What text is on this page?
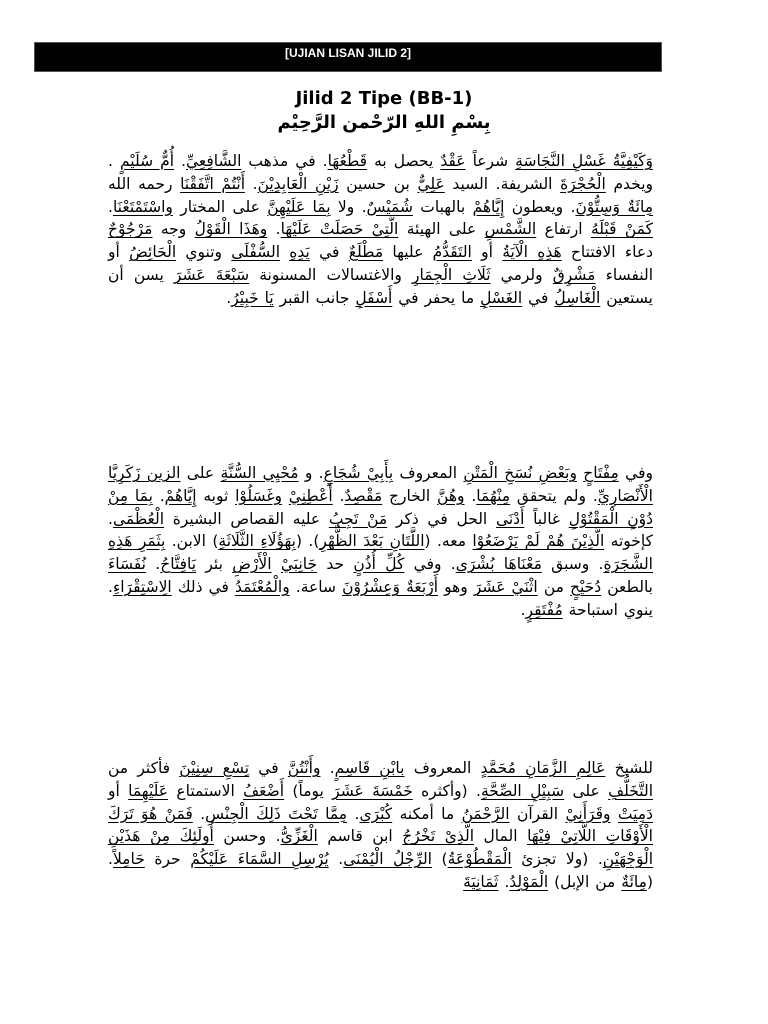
[UJIAN LISAN JILID 2]
Jilid 2 Tipe (BB-1)
بِسْمِ اللهِ الرّحْمن الرَّحِيْم

وَكَيْفِيَّةُ غَسْلِ النَّجَاسَةِ شرعاً عَقْدٌ يحصل به قَطْعُهَا. في مذهب الشَّافِعِيِّ. أُمٌّ سُلَيْمٍ . ويخدم الْحُجْرَةَ الشريفة. السيد عَلِيٌّ بن حسين زَيْنِ الْعَابِدِيْنَ. أَنْتُمْ اتَّفَقْنَا رحمه الله مِائَةٌ وَسِتُّوْنَ. ويعطون إِيَّاهُمْ بالهبات شُمَيْسٌ. ولا بِمَا عَلَيْهِنَّ على المختار واسْتَمْتَعْنَا. كَمَنْ قَبْلَهُ ارتفاع الشَّمْسِ على الهيئة الَّتِيْ حَصَلَتْ عَلَيْهَا. وهَذَا الْقَوْلُ وجه مَرْجُوْحٌ دعاء الافتتاح هَذِهِ الْآيَةُ أو التَقَدُّمُ عليها مَطْلَعٌ في يَدِهِ السُّفْلَى وتنوي الْحَائِضُ أو النفساء مَشْرِقٌ ولرمي ثَلَاثِ الْجِمَارِ والاغتسالات المسنونة سَبْعَةَ عَشَرَ يسن أن يستعين الْغَاسِلُ في الغَسْلِ ما يحفر في أَسْفَلِ جانب القبر يَا خَبِيْرُ.

وفي مِفْتَاحٍ وبَعْضِ نُسَخِ الْمَتْنِ المعروف بِأَبِيْ شُجَاعٍ. و مُحْيِي السُّنَّةِ على الزين زَكَرِيَّا الْأَنْصَارِيِّ. ولم يتحقق مِنْهُمَا. وهُنَّ الخارج مَقْصِدٌ. أَعْطِنِيْ وغَسَلُوْا ثوبه إِيَّاهُمْ. بِمَا مِنْ دُوْنِ الْمَقْتُوْلِ غالباً أَدْنَى الحل في ذكر مَنْ تَجِبُ عليه القصاص البشيرة الْعُظْمَى. كإخوته الَّذِيْنَ هُمْ لَمْ يَرْضَعُوْا معه. (اللَّتَانِ بَعْدَ الظُّهْرِ). (بِهَؤُلَاءِ الثَّلَاثَةِ) الابن. بِثَمَرِ هَذِهِ الشَّجَرَةِ. وسبق مَعْنَاهَا بُشْرَى. وفي كُلِّ أُذُنٍ حد جَانِبَيْ الْأَرْضِ بئر يَافِتَّاحُ. نُفَسَاءَ بالطعن دُحَيْحٍ من اثْنَيْ عَشَرَ وهو أَرْبَعَةٌ وَعِشْرُوْنَ ساعة. والْمُعْتَمَدُ في ذلك الِاسْتِقْرَاءِ. ينوي استباحة مُفْتَقِرٍ.

للشيخ عَالِمِ الزَّمَانِ مُحَمَّدٍ المعروف بابْنِ قَاسِمٍ. وأَنْتُنَّ في تِسْعِ سِنِيْنَ فأكثر من التَّخَلُّفِ على سَبِيْلِ الصِّحَّةِ. (وأكثره خَمْسَةَ عَشَرَ يوماً) أَضْعَفُ الاستمتاع عَلَيْهِمَا أو دَمِيَتْ وقَرَأَنِيْ القرآن الرَّحْمَنُ ما أمكنه كُبْرَى. مِمَّا تَحْتَ ذَلِكَ الْجِنْسِ. فَمَنْ هُوَ تَرَكَ الْأَوْقَاتِ اللَّاتِيْ فِيْهَا المال الَّذِيْ تَخْرُجُ ابن قاسم الْغَزِّيُّ. وحسن أُولَئِكَ مِنْ هَذَيْنِ الْوَجْهَيْنِ. (ولا تجزئ الْمَقْطُوْعَةُ) الرِّجْلُ الْيُمْنَى. يُرْسِلِ السَّمَاءَ عَلَيْكُمْ حرة حَامِلاً. (مِائَةٌ من الإبل) الْمَوْلِدُ. ثَمَانِيَةَ
